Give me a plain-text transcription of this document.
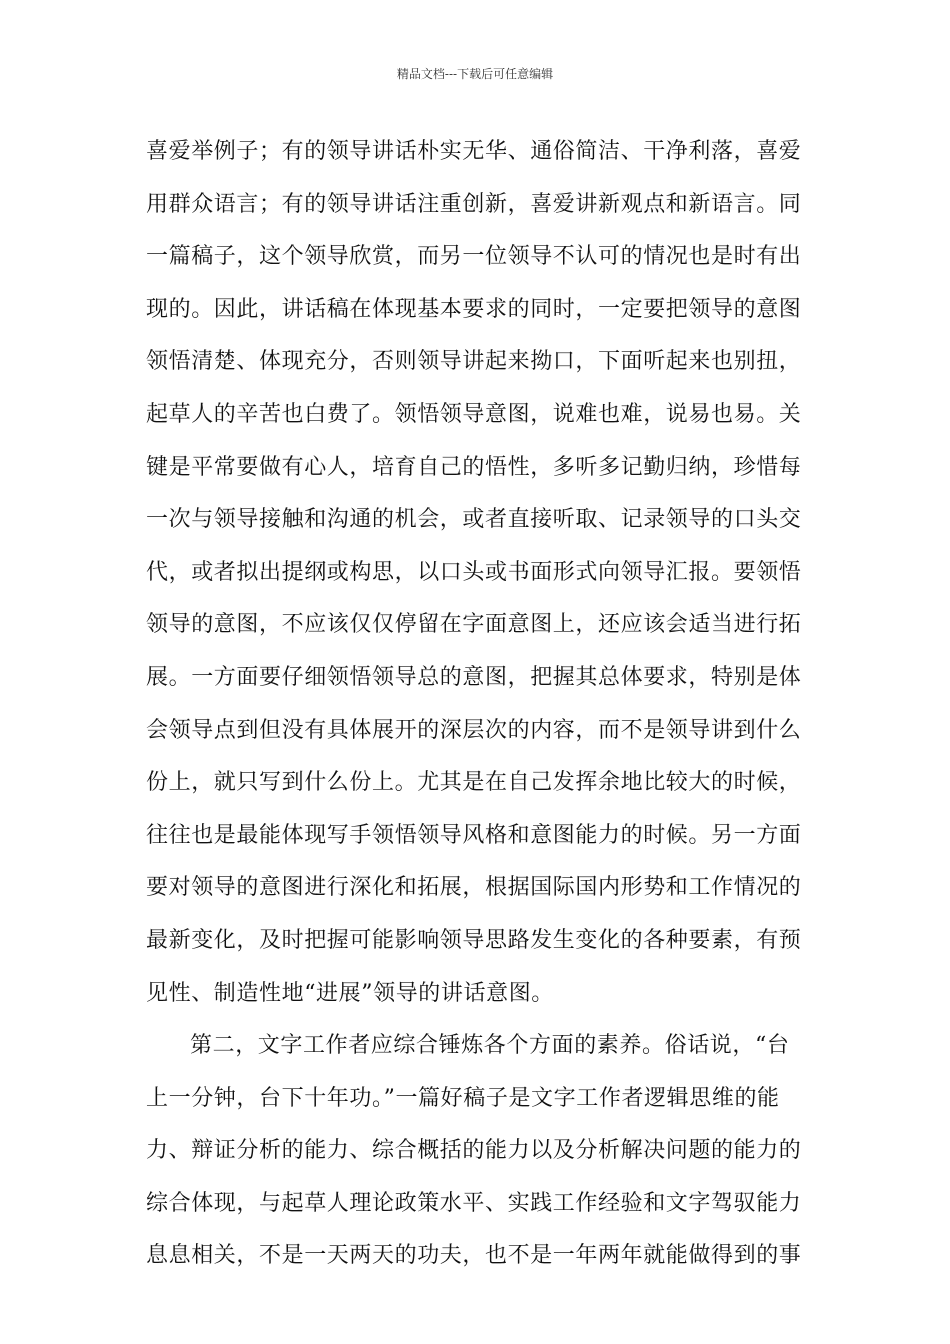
精品文档---下载后可任意编辑
喜爱举例子；有的领导讲话朴实无华、通俗简洁、干净利落，喜爱
用群众语言；有的领导讲话注重创新，喜爱讲新观点和新语言。同
一篇稿子，这个领导欣赏，而另一位领导不认可的情况也是时有出
现的。因此，讲话稿在体现基本要求的同时，一定要把领导的意图
领悟清楚、体现充分，否则领导讲起来拗口，下面听起来也别扭，
起草人的辛苦也白费了。领悟领导意图，说难也难，说易也易。关
键是平常要做有心人，培育自己的悟性，多听多记勤归纳，珍惜每
一次与领导接触和沟通的机会，或者直接听取、记录领导的口头交
代，或者拟出提纲或构思，以口头或书面形式向领导汇报。要领悟
领导的意图，不应该仅仅停留在字面意图上，还应该会适当进行拓
展。一方面要仔细领悟领导总的意图，把握其总体要求，特别是体
会领导点到但没有具体展开的深层次的内容，而不是领导讲到什么
份上，就只写到什么份上。尤其是在自己发挥余地比较大的时候，
往往也是最能体现写手领悟领导风格和意图能力的时候。另一方面
要对领导的意图进行深化和拓展，根据国际国内形势和工作情况的
最新变化，及时把握可能影响领导思路发生变化的各种要素，有预
见性、制造性地“进展”领导的讲话意图。
第二，文字工作者应综合锤炼各个方面的素养。俗话说，“台
上一分钟，台下十年功。”一篇好稿子是文字工作者逻辑思维的能
力、辩证分析的能力、综合概括的能力以及分析解决问题的能力的
综合体现，与起草人理论政策水平、实践工作经验和文字驾驭能力
息息相关，不是一天两天的功夫，也不是一年两年就能做得到的事
